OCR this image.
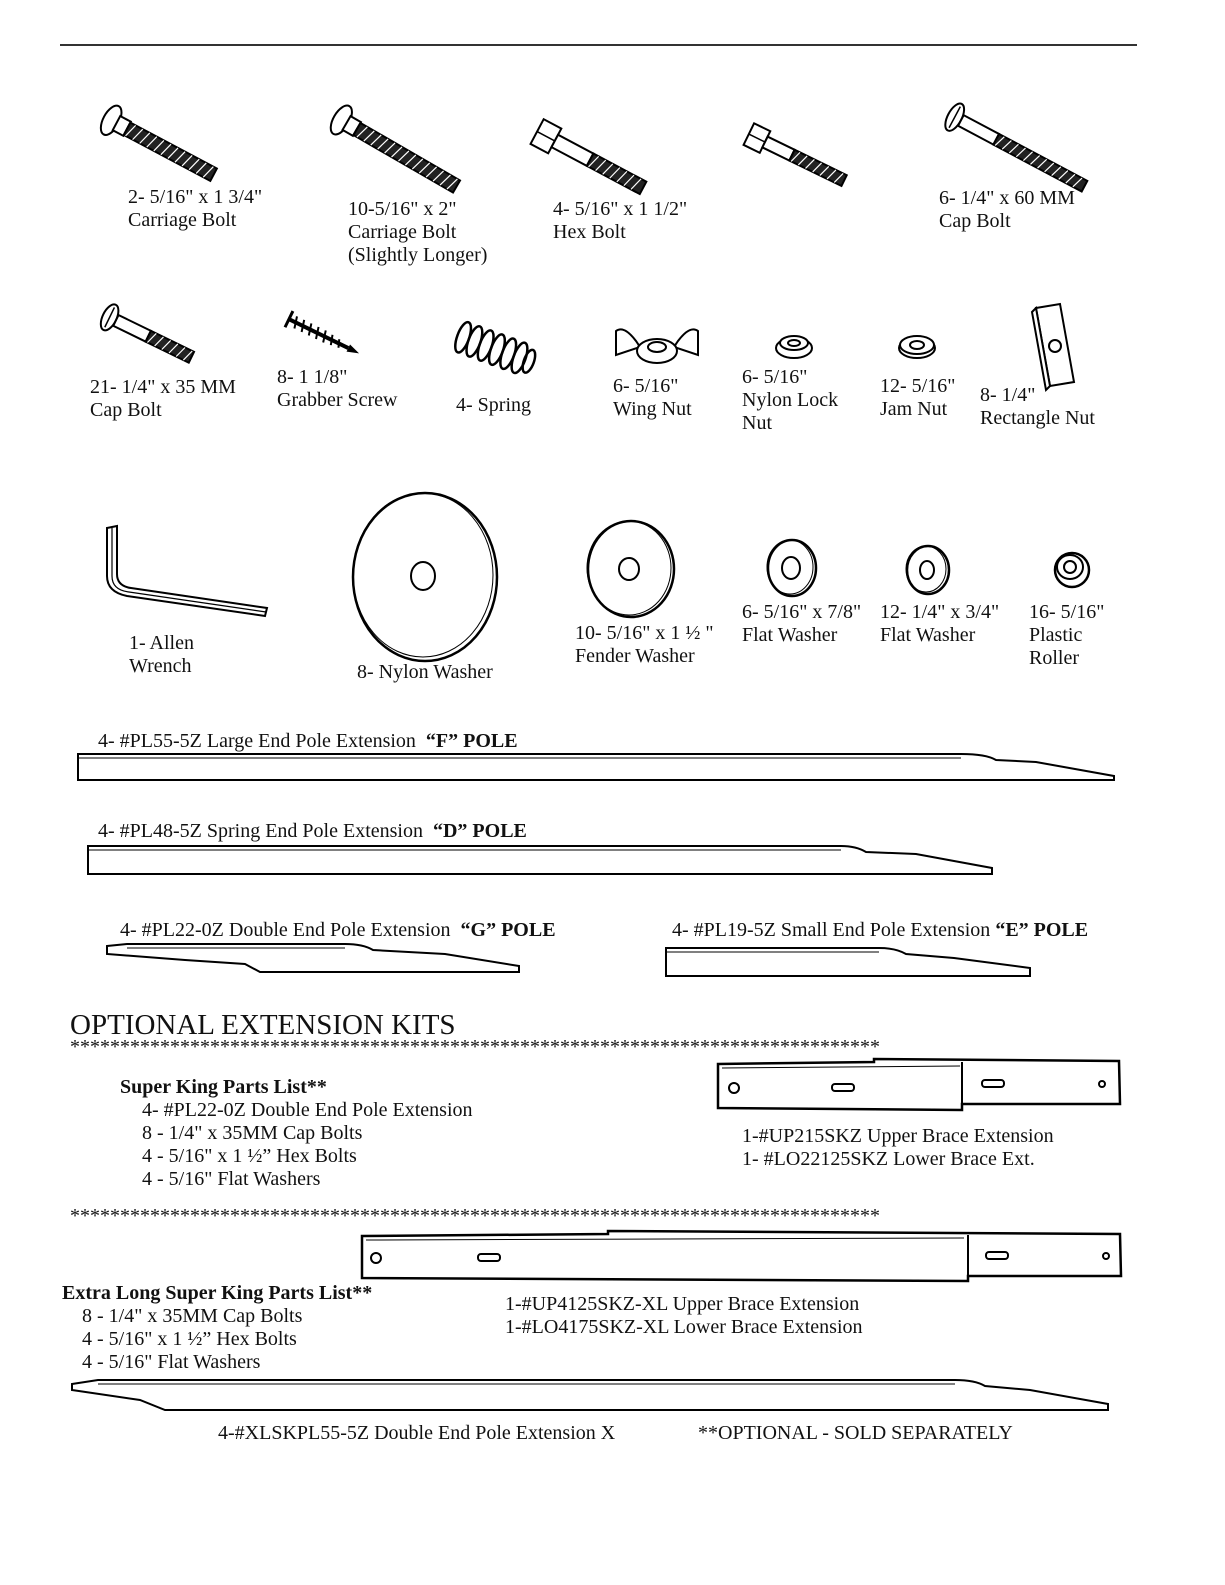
2- 5/16" x 1 3/4"
Carriage Bolt	10-5/16" x 2"
Carriage Bolt
(Slightly Longer)
4- 5/16" x 1 1/2"
Hex Bolt
6- 1/4" x 60 MM
Cap Bolt
21- 1/4" x 35 MM
Cap Bolt
8- 1 1/8"
Grabber Screw	4- Spring
6- 5/16"
Wing Nut
6- 5/16"
Nylon Lock
Nut
12- 5/16"
Jam Nut
8- 1/4"
Rectangle Nut
1- Allen
Wrench	8- Nylon Washer
10- 5/16" x 1 ½ "
Fender Washer
6- 5/16" x 7/8"
Flat Washer
12- 1/4" x 3/4"
Flat Washer
16- 5/16"
Plastic
Roller
4- #PL55-5Z Large End Pole Extension “F” POLE
4- #PL48-5Z Spring End Pole Extension “D” POLE
4- #PL22-0Z Double End Pole Extension “G” POLE	4- #PL19-5Z Small End Pole Extension “E” POLE
OPTIONAL EXTENSION KITS
*********************************************************************************
Super King Parts List**
4- #PL22-0Z Double End Pole Extension
8 - 1/4" x 35MM Cap Bolts
4 - 5/16" x 1 ½” Hex Bolts
4 - 5/16" Flat Washers
1-#UP215SKZ Upper Brace Extension
1- #LO22125SKZ Lower Brace Ext.
*********************************************************************************
Extra Long Super King Parts List**
8 - 1/4" x 35MM Cap Bolts
4 - 5/16" x 1 ½” Hex Bolts
4 - 5/16" Flat Washers
1-#UP4125SKZ-XL Upper Brace Extension
1-#LO4175SKZ-XL Lower Brace Extension
4-#XLSKPL55-5Z Double End Pole Extension X	**OPTIONAL - SOLD SEPARATELY
